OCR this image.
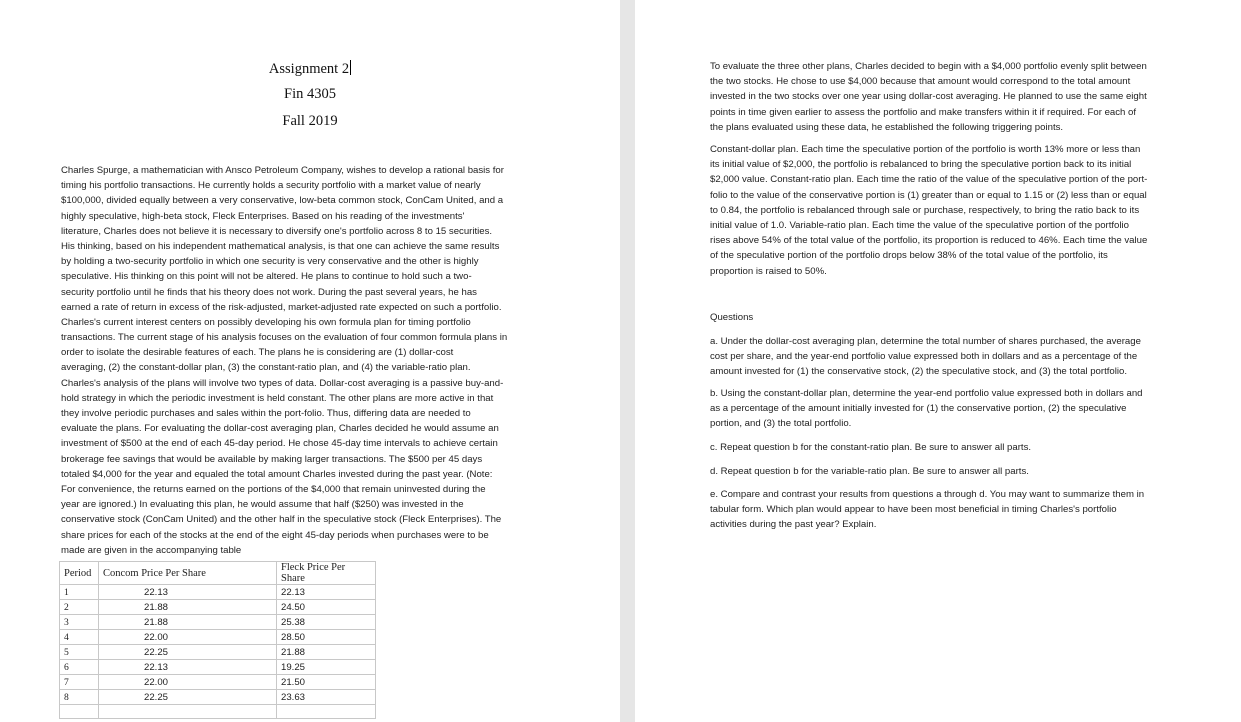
Assignment 2
Fin 4305
Fall 2019
Charles Spurge, a mathematician with Ansco Petroleum Company, wishes to develop a rational basis for
timing his portfolio transactions. He currently holds a security portfolio with a market value of nearly
$100,000, divided equally between a very conservative, low-beta common stock, ConCam United, and a
highly speculative, high-beta stock, Fleck Enterprises. Based on his reading of the investments'
literature, Charles does not believe it is necessary to diversify one's portfolio across 8 to 15 securities.
His thinking, based on his independent mathematical analysis, is that one can achieve the same results
by holding a two-security portfolio in which one security is very conservative and the other is highly
speculative. His thinking on this point will not be altered. He plans to continue to hold such a two-
security portfolio until he finds that his theory does not work. During the past several years, he has
earned a rate of return in excess of the risk-adjusted, market-adjusted rate expected on such a portfolio.
Charles's current interest centers on possibly developing his own formula plan for timing portfolio
transactions. The current stage of his analysis focuses on the evaluation of four common formula plans in
order to isolate the desirable features of each. The plans he is considering are (1) dollar-cost
averaging, (2) the constant-dollar plan, (3) the constant-ratio plan, and (4) the variable-ratio plan.
Charles's analysis of the plans will involve two types of data. Dollar-cost averaging is a passive buy-and-
hold strategy in which the periodic investment is held constant. The other plans are more active in that
they involve periodic purchases and sales within the port-folio. Thus, differing data are needed to
evaluate the plans. For evaluating the dollar-cost averaging plan, Charles decided he would assume an
investment of $500 at the end of each 45-day period. He chose 45-day time intervals to achieve certain
brokerage fee savings that would be available by making larger transactions. The $500 per 45 days
totaled $4,000 for the year and equaled the total amount Charles invested during the past year. (Note:
For convenience, the returns earned on the portions of the $4,000 that remain uninvested during the
year are ignored.) In evaluating this plan, he would assume that half ($250) was invested in the
conservative stock (ConCam United) and the other half in the speculative stock (Fleck Enterprises). The
share prices for each of the stocks at the end of the eight 45-day periods when purchases were to be
made are given in the accompanying table
Period	Concom Price Per Share	Fleck Price Per Share
1	22.13	22.13
2	21.88	24.50
3	21.88	25.38
4	22.00	28.50
5	22.25	21.88
6	22.13	19.25
7	22.00	21.50
8	22.25	23.63

To evaluate the three other plans, Charles decided to begin with a $4,000 portfolio evenly split between
the two stocks. He chose to use $4,000 because that amount would correspond to the total amount
invested in the two stocks over one year using dollar-cost averaging. He planned to use the same eight
points in time given earlier to assess the portfolio and make transfers within it if required. For each of
the plans evaluated using these data, he established the following triggering points.
Constant-dollar plan. Each time the speculative portion of the portfolio is worth 13% more or less than
its initial value of $2,000, the portfolio is rebalanced to bring the speculative portion back to its initial
$2,000 value. Constant-ratio plan. Each time the ratio of the value of the speculative portion of the port-
folio to the value of the conservative portion is (1) greater than or equal to 1.15 or (2) less than or equal
to 0.84, the portfolio is rebalanced through sale or purchase, respectively, to bring the ratio back to its
initial value of 1.0. Variable-ratio plan. Each time the value of the speculative portion of the portfolio
rises above 54% of the total value of the portfolio, its proportion is reduced to 46%. Each time the value
of the speculative portion of the portfolio drops below 38% of the total value of the portfolio, its
proportion is raised to 50%.
Questions
a. Under the dollar-cost averaging plan, determine the total number of shares purchased, the average
cost per share, and the year-end portfolio value expressed both in dollars and as a percentage of the
amount invested for (1) the conservative stock, (2) the speculative stock, and (3) the total portfolio.
b. Using the constant-dollar plan, determine the year-end portfolio value expressed both in dollars and
as a percentage of the amount initially invested for (1) the conservative portion, (2) the speculative
portion, and (3) the total portfolio.
c. Repeat question b for the constant-ratio plan. Be sure to answer all parts.
d. Repeat question b for the variable-ratio plan. Be sure to answer all parts.
e. Compare and contrast your results from questions a through d. You may want to summarize them in
tabular form. Which plan would appear to have been most beneficial in timing Charles's portfolio
activities during the past year? Explain.
